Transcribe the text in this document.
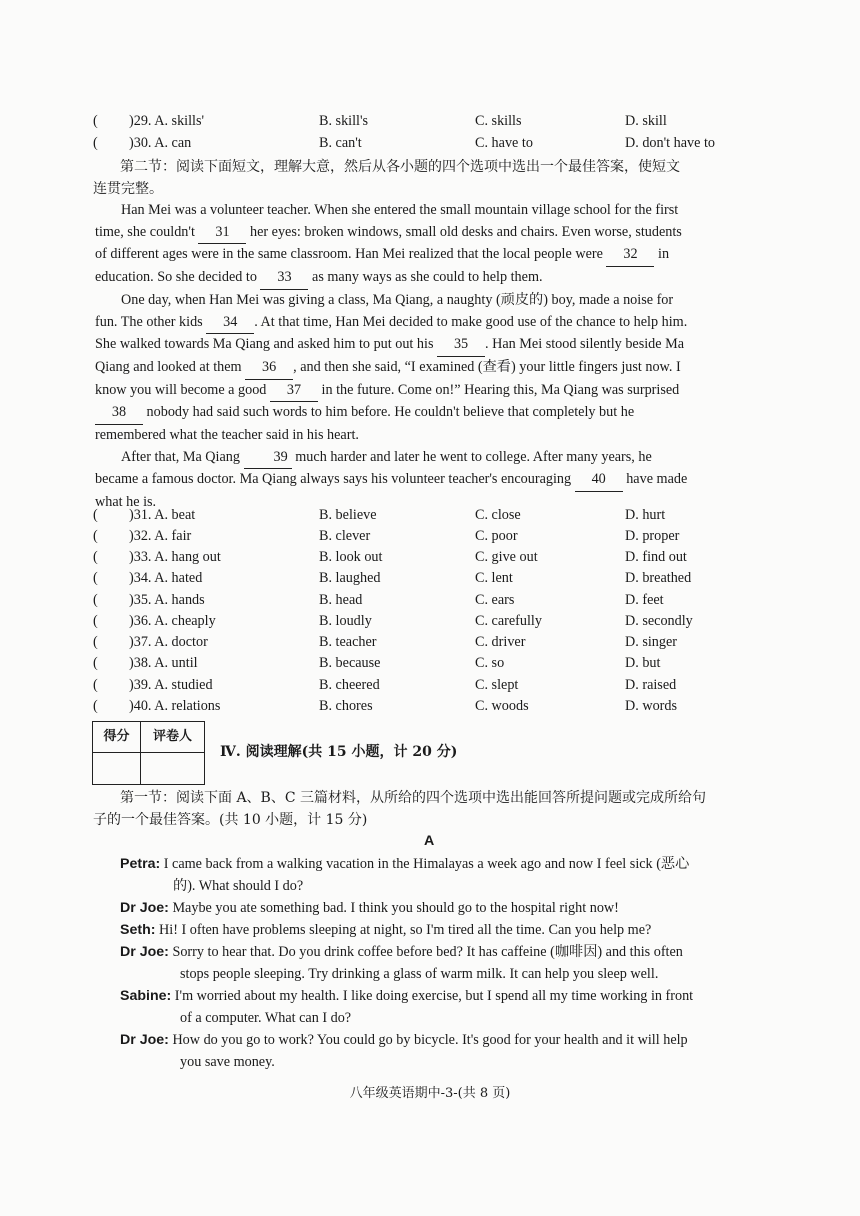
( )29. A. skills'	B. skill's	C. skills	D. skill
( )30. A. can	B. can't	C. have to	D. don't have to
第二节：阅读下面短文，理解大意，然后从各小题的四个选项中选出一个最佳答案，使短文
连贯完整。
Han Mei was a volunteer teacher. When she entered the small mountain village school for the first
time, she couldn't 31 her eyes: broken windows, small old desks and chairs. Even worse, students
of different ages were in the same classroom. Han Mei realized that the local people were 32 in
education. So she decided to 33 as many ways as she could to help them.
One day, when Han Mei was giving a class, Ma Qiang, a naughty (顽皮的) boy, made a noise for
fun. The other kids 34 . At that time, Han Mei decided to make good use of the chance to help him.
She walked towards Ma Qiang and asked him to put out his 35 . Han Mei stood silently beside Ma
Qiang and looked at them 36 , and then she said, “I examined (查看) your little fingers just now. I
know you will become a good 37 in the future. Come on!” Hearing this, Ma Qiang was surprised
38 nobody had said such words to him before. He couldn't believe that completely but he
remembered what the teacher said in his heart.
After that, Ma Qiang 39 much harder and later he went to college. After many years, he
became a famous doctor. Ma Qiang always says his volunteer teacher's encouraging 40 have made
what he is.
( )31. A. beat	B. believe	C. close	D. hurt
( )32. A. fair	B. clever	C. poor	D. proper
( )33. A. hang out	B. look out	C. give out	D. find out
( )34. A. hated	B. laughed	C. lent	D. breathed
( )35. A. hands	B. head	C. ears	D. feet
( )36. A. cheaply	B. loudly	C. carefully	D. secondly
( )37. A. doctor	B. teacher	C. driver	D. singer
( )38. A. until	B. because	C. so	D. but
( )39. A. studied	B. cheered	C. slept	D. raised
( )40. A. relations	B. chores	C. woods	D. words
得分	评卷人
Ⅳ. 阅读理解(共 15 小题，计 20 分)
第一节：阅读下面 A、B、C 三篇材料，从所给的四个选项中选出能回答所提问题或完成所给句
子的一个最佳答案。(共 10 小题，计 15 分)
A
Petra: I came back from a walking vacation in the Himalayas a week ago and now I feel sick (恶心
的). What should I do?
Dr Joe: Maybe you ate something bad. I think you should go to the hospital right now!
Seth: Hi! I often have problems sleeping at night, so I'm tired all the time. Can you help me?
Dr Joe: Sorry to hear that. Do you drink coffee before bed? It has caffeine (咖啡因) and this often
stops people sleeping. Try drinking a glass of warm milk. It can help you sleep well.
Sabine: I'm worried about my health. I like doing exercise, but I spend all my time working in front
of a computer. What can I do?
Dr Joe: How do you go to work? You could go by bicycle. It's good for your health and it will help
you save money.
八年级英语期中-3-(共 8 页)
